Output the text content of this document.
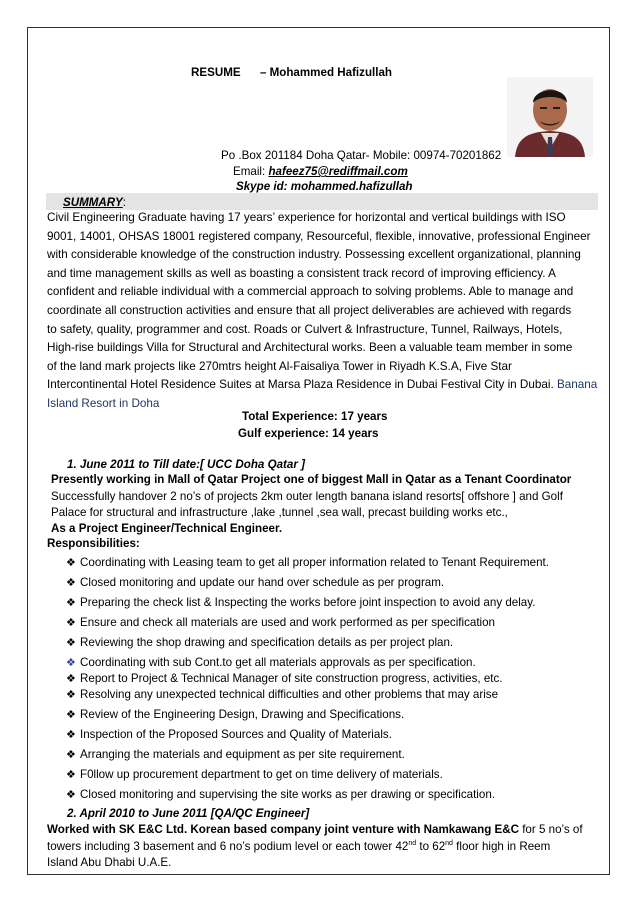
RESUME – Mohammed Hafizullah
Po .Box 201184 Doha Qatar- Mobile: 00974-70201862
Email: hafeez75@rediffmail.com
Skype id: mohammed.hafizullah
SUMMARY:
Civil Engineering Graduate having 17 years’ experience for horizontal and vertical buildings with ISO
9001, 14001, OHSAS 18001 registered company, Resourceful, flexible, innovative, professional Engineer
with considerable knowledge of the construction industry. Possessing excellent organizational, planning
and time management skills as well as boasting a consistent track record of improving efficiency. A
confident and reliable individual with a commercial approach to solving problems. Able to manage and
coordinate all construction activities and ensure that all project deliverables are achieved with regards
to safety, quality, programmer and cost. Roads or Culvert & Infrastructure, Tunnel, Railways, Hotels,
High-rise buildings Villa for Structural and Architectural works. Been a valuable team member in some
of the land mark projects like 270mtrs height Al-Faisaliya Tower in Riyadh K.S.A, Five Star
Intercontinental Hotel Residence Suites at Marsa Plaza Residence in Dubai Festival City in Dubai. Banana
Island Resort in Doha
Total Experience: 17 years
Gulf experience: 14 years
1. June 2011 to Till date:[ UCC Doha Qatar ]
Presently working in Mall of Qatar Project one of biggest Mall in Qatar as a Tenant Coordinator
Successfully handover 2 no’s of projects 2km outer length banana island resorts[ offshore ] and Golf
Palace for structural and infrastructure ,lake ,tunnel ,sea wall, precast building works etc.,
As a Project Engineer/Technical Engineer.
Responsibilities:
❖ Coordinating with Leasing team to get all proper information related to Tenant Requirement.
❖ Closed monitoring and update our hand over schedule as per program.
❖ Preparing the check list & Inspecting the works before joint inspection to avoid any delay.
❖ Ensure and check all materials are used and work performed as per specification
❖ Reviewing the shop drawing and specification details as per project plan.
❖ Coordinating with sub Cont.to get all materials approvals as per specification.
❖ Report to Project & Technical Manager of site construction progress, activities, etc.
❖ Resolving any unexpected technical difficulties and other problems that may arise
❖ Review of the Engineering Design, Drawing and Specifications.
❖ Inspection of the Proposed Sources and Quality of Materials.
❖ Arranging the materials and equipment as per site requirement.
❖ F0llow up procurement department to get on time delivery of materials.
❖ Closed monitoring and supervising the site works as per drawing or specification.
2. April 2010 to June 2011 [QA/QC Engineer]
Worked with SK E&C Ltd. Korean based company joint venture with Namkawang E&C for 5 no’s of
towers including 3 basement and 6 no’s podium level or each tower 42nd to 62nd floor high in Reem
Island Abu Dhabi U.A.E.
